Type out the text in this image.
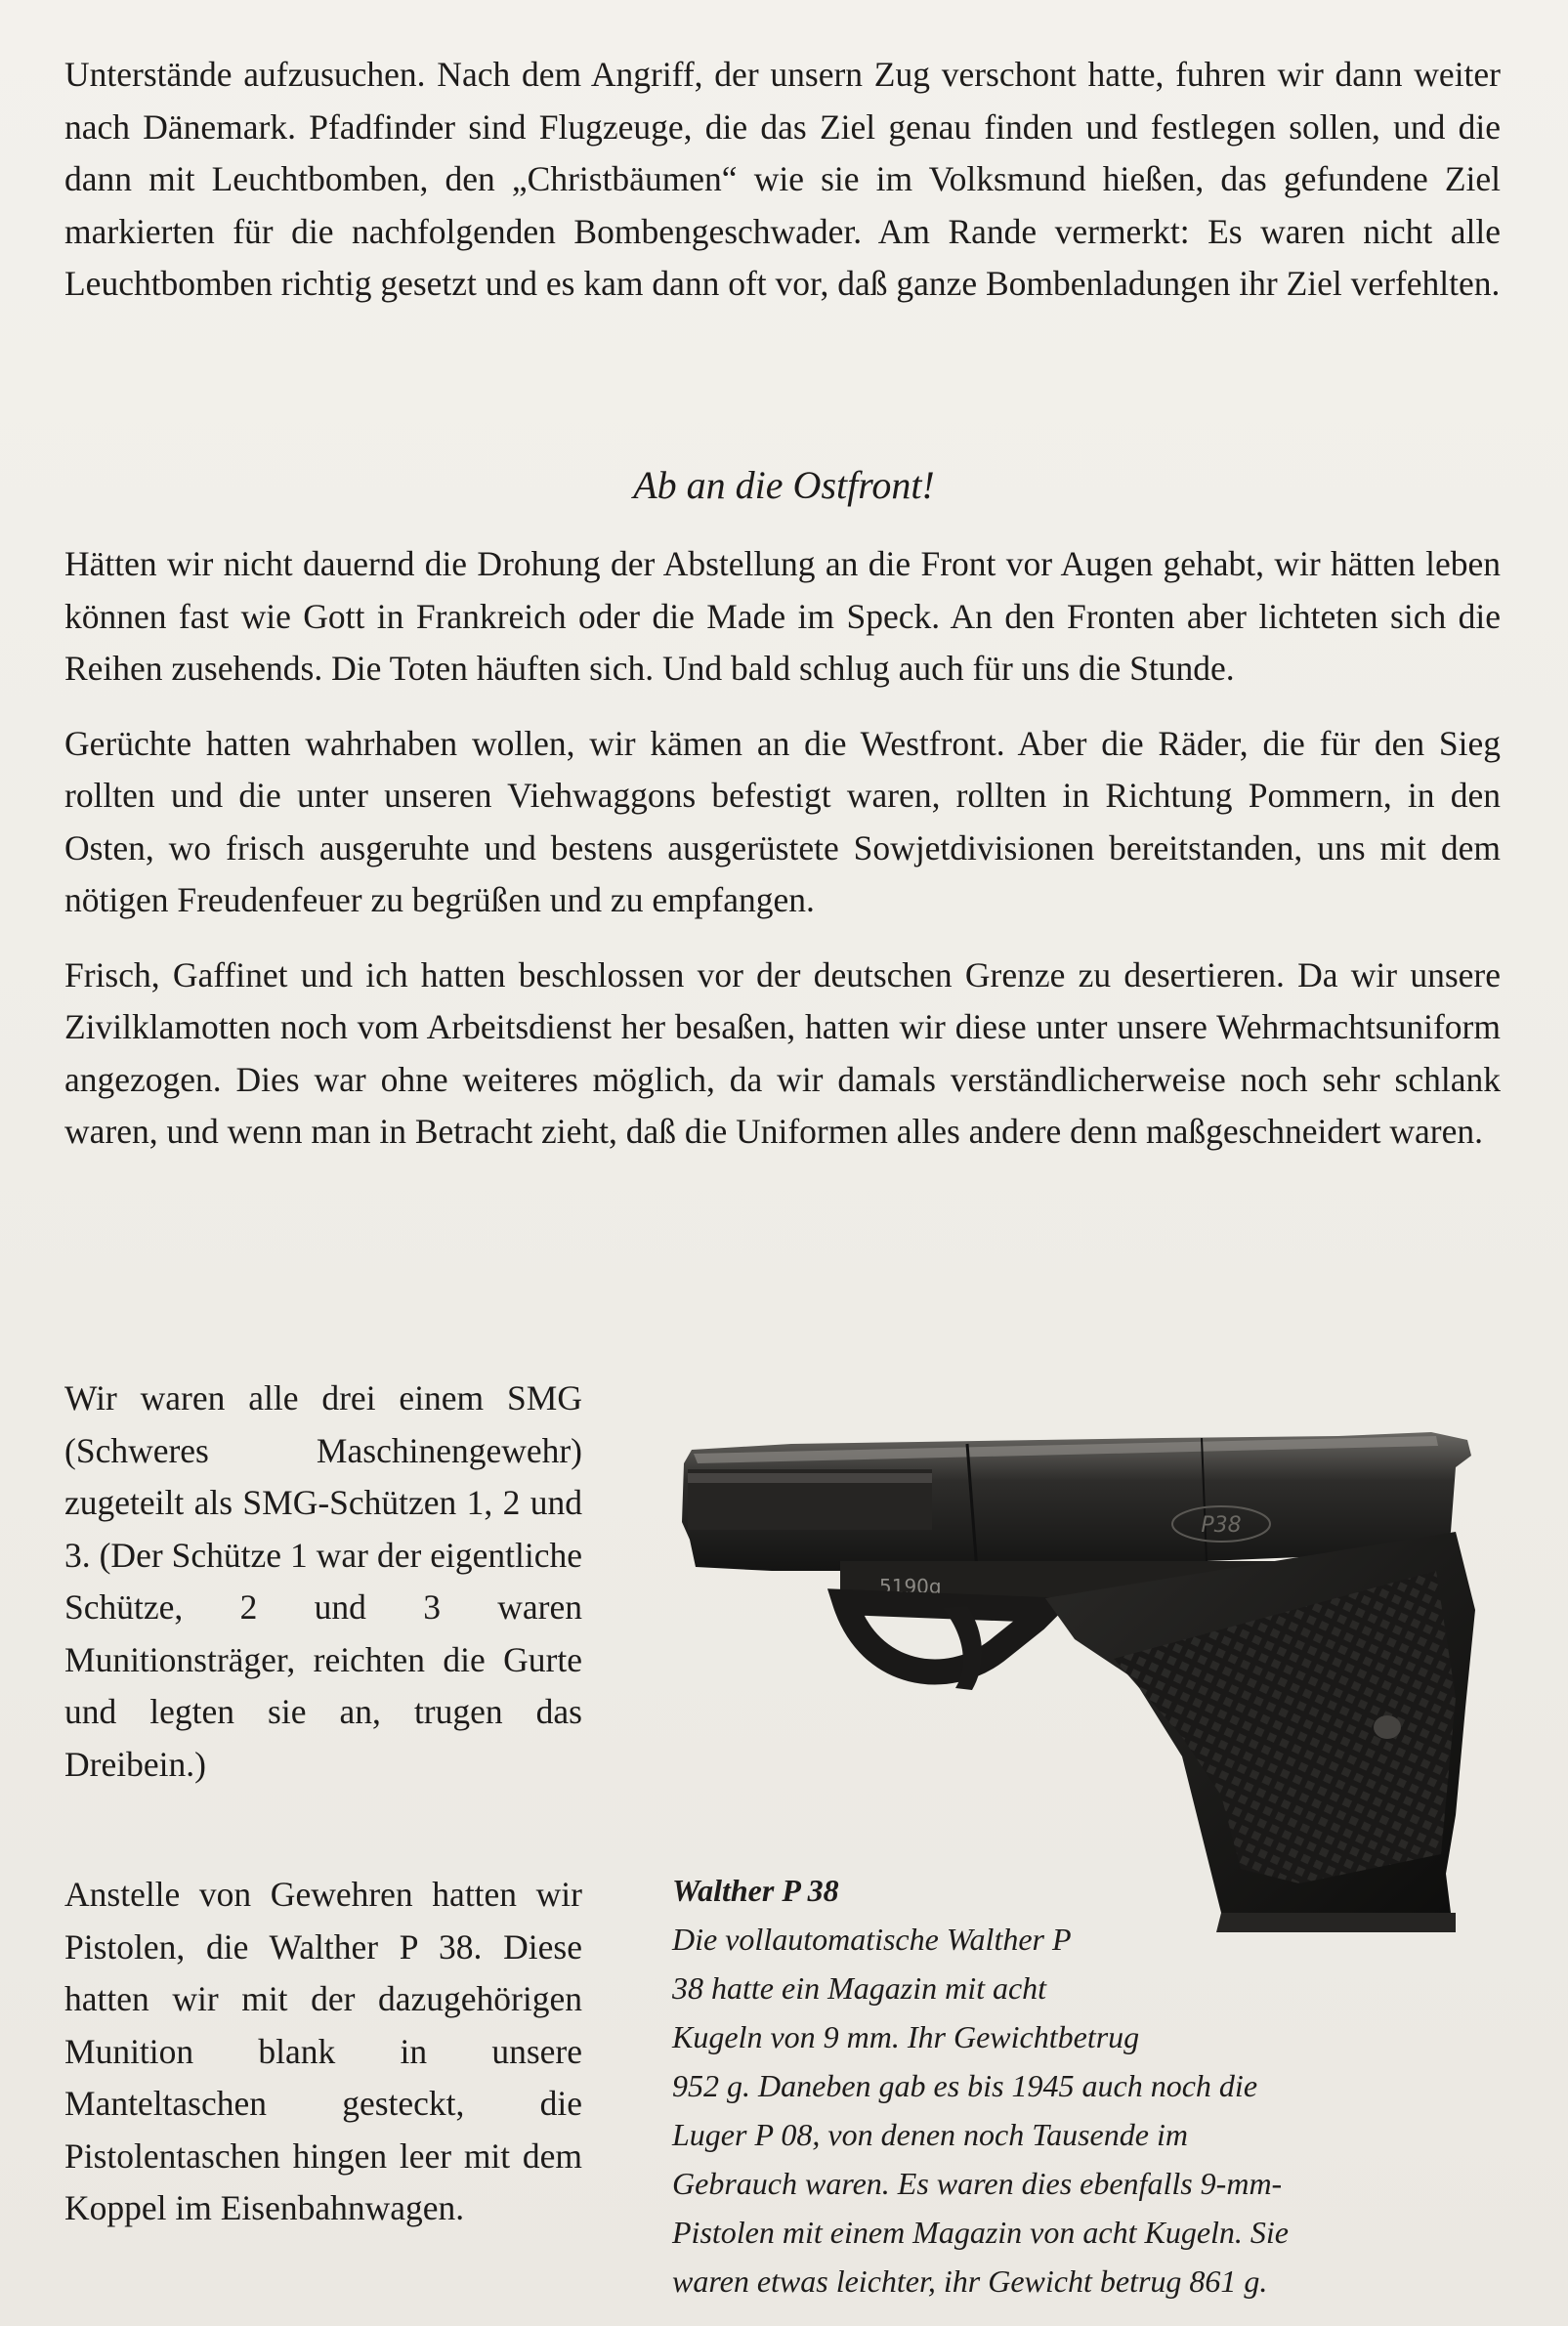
Unterstände aufzusuchen. Nach dem Angriff, der unsern Zug verschont hatte, fuhren wir dann weiter nach Dänemark. Pfadfinder sind Flugzeuge, die das Ziel genau finden und festlegen sollen, und die dann mit Leuchtbomben, den „Christbäumen“ wie sie im Volksmund hießen, das gefundene Ziel markierten für die nachfolgenden Bombengeschwader. Am Rande vermerkt: Es waren nicht alle Leuchtbomben richtig gesetzt und es kam dann oft vor, daß ganze Bombenladungen ihr Ziel verfehlten.

Ab an die Ostfront!

Hätten wir nicht dauernd die Drohung der Abstellung an die Front vor Augen gehabt, wir hätten leben können fast wie Gott in Frankreich oder die Made im Speck. An den Fronten aber lichteten sich die Reihen zusehends. Die Toten häuften sich. Und bald schlug auch für uns die Stunde.

Gerüchte hatten wahrhaben wollen, wir kämen an die Westfront. Aber die Räder, die für den Sieg rollten und die unter unseren Viehwaggons befestigt waren, rollten in Richtung Pommern, in den Osten, wo frisch ausgeruhte und bestens ausgerüstete Sowjetdivisionen bereitstanden, uns mit dem nötigen Freudenfeuer zu begrüßen und zu empfangen.

Frisch, Gaffinet und ich hatten beschlossen vor der deutschen Grenze zu desertieren. Da wir unsere Zivilklamotten noch vom Arbeitsdienst her besaßen, hatten wir diese unter unsere Wehrmachtsuniform angezogen. Dies war ohne weiteres möglich, da wir damals verständlicherweise noch sehr schlank waren, und wenn man in Betracht zieht, daß die Uniformen alles andere denn maßgeschneidert waren.

Wir waren alle drei einem SMG (Schweres Maschinengewehr) zugeteilt als SMG-Schützen 1, 2 und 3. (Der Schütze 1 war der eigentliche Schütze, 2 und 3 waren Munitionsträger, reichten die Gurte und legten sie an, trugen das Dreibein.)

Anstelle von Gewehren hatten wir Pistolen, die Walther P 38. Diese hatten wir mit der dazugehörigen Munition blank in unsere Manteltaschen gesteckt, die Pistolentaschen hingen leer mit dem Koppel im Eisenbahnwagen.

P38
5190g
Walther P 38
Die vollautomatische Walther P
38 hatte ein Magazin mit acht
Kugeln von 9 mm. Ihr Gewichtbetrug
952 g. Daneben gab es bis 1945 auch noch die
Luger P 08, von denen noch Tausende im
Gebrauch waren. Es waren dies ebenfalls 9-mm-
Pistolen mit einem Magazin von acht Kugeln. Sie
waren etwas leichter, ihr Gewicht betrug 861 g.
